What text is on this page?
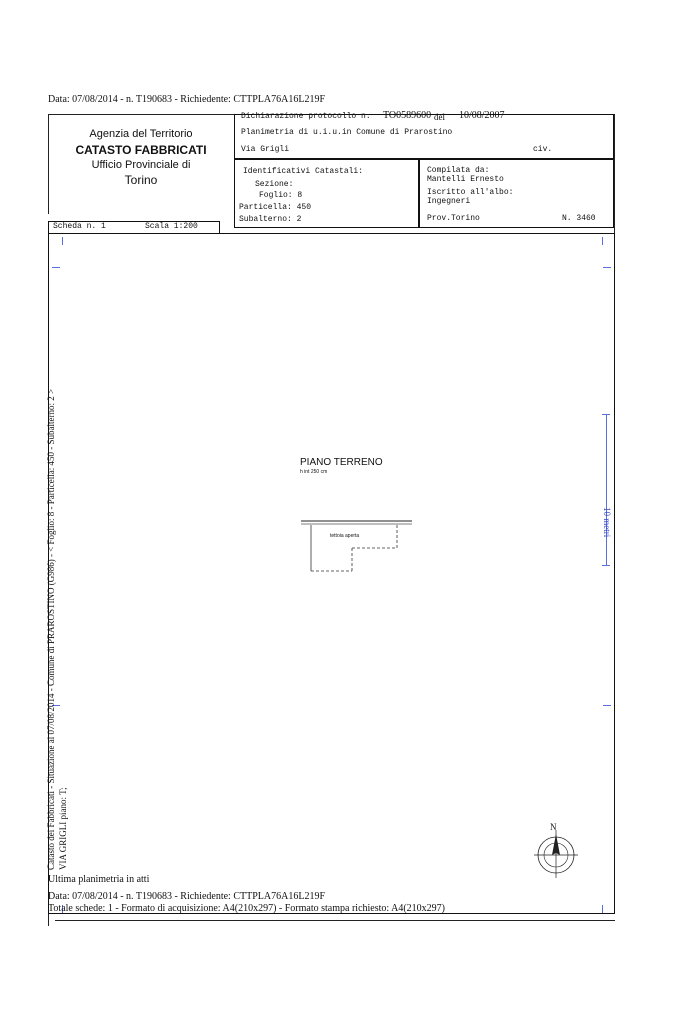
Data: 07/08/2014 - n. T190683 - Richiedente: CTTPLA76A16L219F
Agenzia del Territorio
CATASTO FABBRICATI
Ufficio Provinciale di
Torino
Dichiarazione protocollo n. TO0589600 del 10/08/2007
Planimetria di u.i.u.in Comune di Prarostino
Via Grigli	civ.
Identificativi Catastali:
Sezione:
Foglio: 8
Particella: 450
Subalterno: 2
Compilata da:
Mantelli Ernesto
Iscritto all'albo:
Ingegneri
Prov.Torino	N. 3460
Scheda n. 1	Scala 1:200
10 metri
Catasto dei Fabbricati - Situazione al 07/08/2014 - Comune di PRAROSTINO (G986) - < Foglio: 8 - Particella: 450 - Subalterno: 2 > VIA GRIGLI piano: T;
PIANO TERRENO
h int 250 cm
tettoia aperta
N
Ultima planimetria in atti
Data: 07/08/2014 - n. T190683 - Richiedente: CTTPLA76A16L219F
Totale schede: 1 - Formato di acquisizione: A4(210x297) - Formato stampa richiesto: A4(210x297)
